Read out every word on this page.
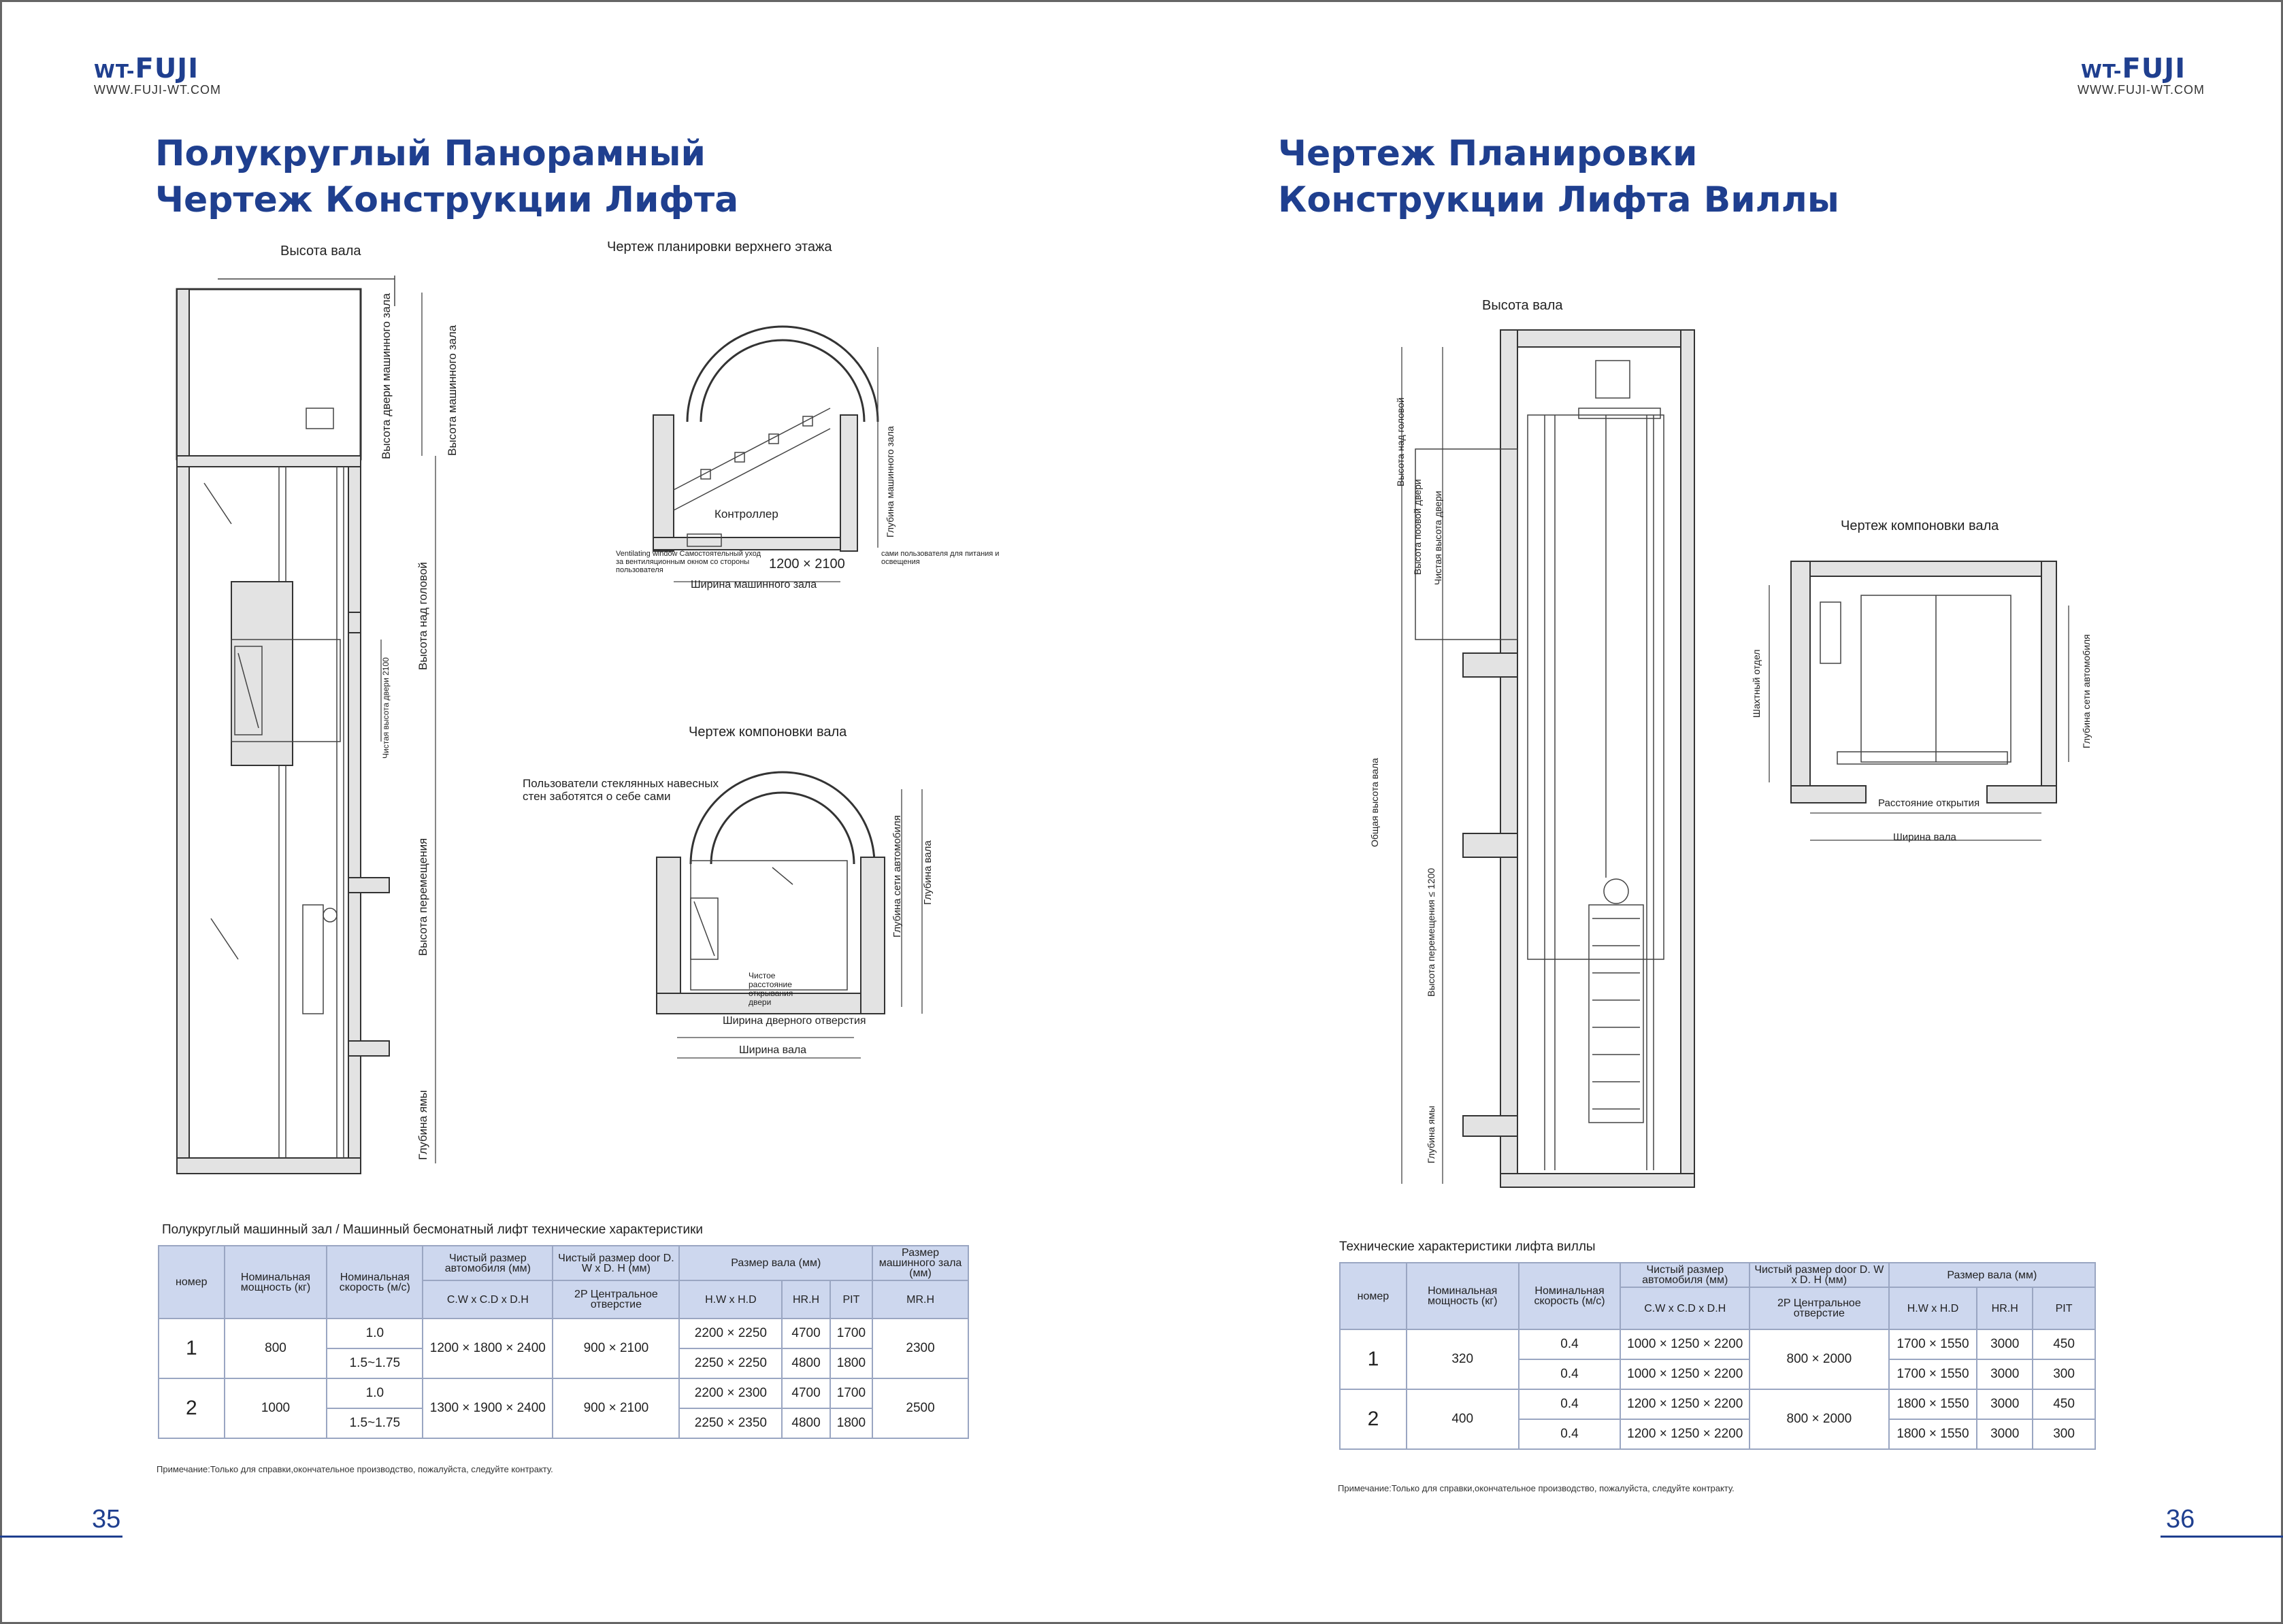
WT-FUJI
WWW.FUJI-WT.COM
Полукруглый Панорамный
Чертеж Конструкции Лифта
Высота вала
Высота двери машинного зала	Высота машинного зала
Высота над головой
Чистая высота двери 2100
Высота перемещения
Глубина ямы
Чертеж планировки верхнего этажа
Контроллер
Ventilating window Самостоятельный уход за вентиляционным окном со стороны пользователя	1200 × 2100
сами пользователя для питания и освещения
Ширина машинного зала
Глубина машинного зала
Чертеж компоновки вала
Пользователи стеклянных навесных стен заботятся о себе сами
Глубина сети автомобиля Глубина вала
Чистое расстояние открывания двери
Ширина дверного отверстия
Ширина вала
Полукруглый машинный зал / Машинный бесмонатный лифт технические характеристики
номер	Номинальная мощность (кг)	Номинальная скорость (м/с)	Чистый размер автомобиля (мм)	Чистый размер door D. W x D. H (мм)	Размер вала (мм)			Размер машинного зала (мм)
			C.W x C.D x D.H	2P Центральное отверстие	H.W x H.D	HR.H	PIT	MR.H
1	800	1.0	1200 × 1800 × 2400	900 × 2100	2200 × 2250	4700	1700	2300
		1.5~1.75			2250 × 2250	4800	1800	
2	1000	1.0	1300 × 1900 × 2400	900 × 2100	2200 × 2300	4700	1700	2500
		1.5~1.75			2250 × 2350	4800	1800	
Примечание:Только для справки,окончательное производство, пожалуйста, следуйте контракту.
35
WT-FUJI
WWW.FUJI-WT.COM
Чертеж Планировки
Конструкции Лифта Виллы
Высота вала
Высота над головой
Высота поовой двери Чистая высота двери
Общая высота вала
Высота перемещения ≤ 1200
Глубина ямы
Чертеж компоновки вала
Шахтный отдел	Глубина сети автомобиля
Расстояние открытия
Ширина вала
Технические характеристики лифта виллы
номер	Номинальная мощность (кг)	Номинальная скорость (м/с)	Чистый размер автомобиля (мм)	Чистый размер door D. W x D. H (мм)	Размер вала (мм)		
			C.W x C.D x D.H	2P Центральное отверстие	H.W x H.D	HR.H	PIT
1	320	0.4	1000 × 1250 × 2200	800 × 2000	1700 × 1550	3000	450
		0.4	1000 × 1250 × 2200		1700 × 1550	3000	300
2	400	0.4	1200 × 1250 × 2200	800 × 2000	1800 × 1550	3000	450
		0.4	1200 × 1250 × 2200		1800 × 1550	3000	300
Примечание:Только для справки,окончательное производство, пожалуйста, следуйте контракту.
36
